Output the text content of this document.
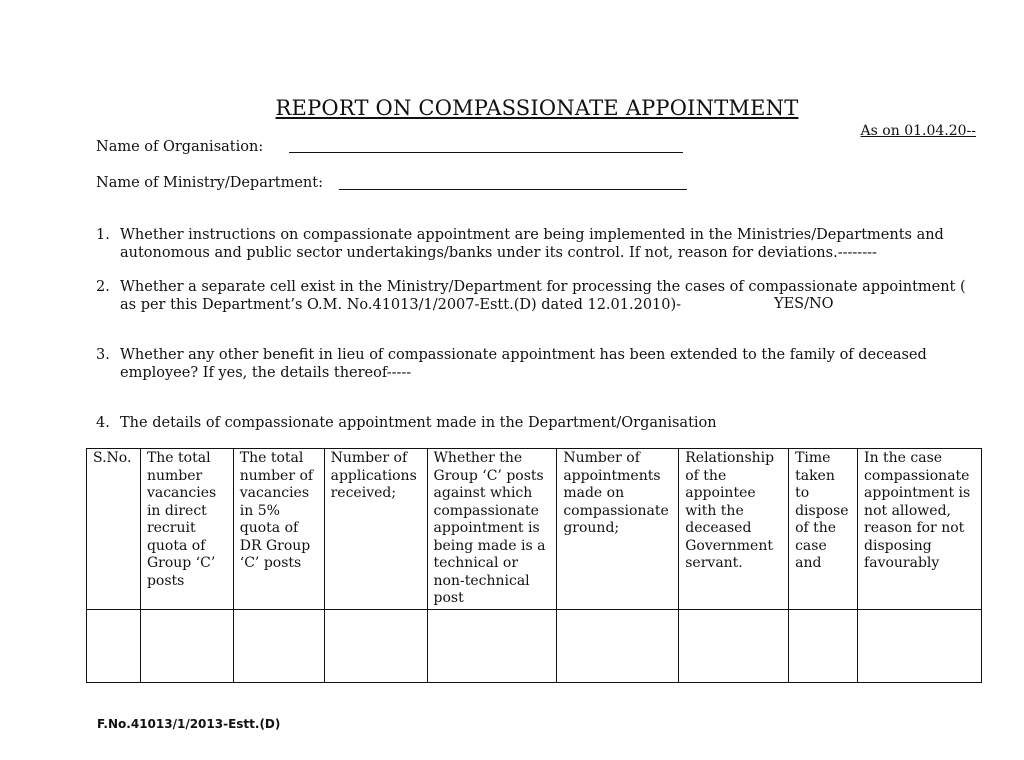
REPORT ON COMPASSIONATE APPOINTMENT
As on 01.04.20--
Name of Organisation:
Name of Ministry/Department:
1. Whether instructions on compassionate appointment are being implemented in the Ministries/Departments and autonomous and public sector undertakings/banks under its control. If not, reason for deviations.--------
2. Whether a separate cell exist in the Ministry/Department for processing the cases of compassionate appointment ( as per this Department’s O.M. No.41013/1/2007-Estt.(D) dated 12.01.2010)-	YES/NO
3. Whether any other benefit in lieu of compassionate appointment has been extended to the family of deceased employee? If yes, the details thereof-----
4. The details of compassionate appointment made in the Department/Organisation
S.No.	The total number vacancies in direct recruit quota of Group ‘C’ posts	The total number of vacancies in 5% quota of DR Group ‘C’ posts	Number of applications received;	Whether the Group ‘C’ posts against which compassionate appointment is being made is a technical or non-technical post	Number of appointments made on compassionate ground;	Relationship of the appointee with the deceased Government servant.	Time taken to dispose of the case and	In the case compassionate appointment is not allowed, reason for not disposing favourably

F.No.41013/1/2013-Estt.(D)
